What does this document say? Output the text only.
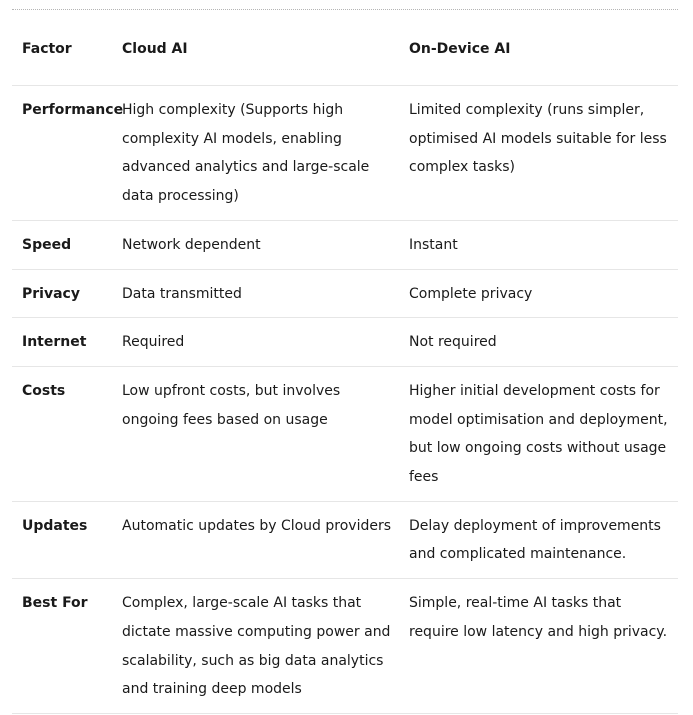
Factor	Cloud AI	On-Device AI
Performance	High complexity (Supports high complexity AI models, enabling advanced analytics and large-scale data processing)	Limited complexity (runs simpler, optimised AI models suitable for less complex tasks)
Speed	Network dependent	Instant
Privacy	Data transmitted	Complete privacy
Internet	Required	Not required
Costs	Low upfront costs, but involves ongoing fees based on usage	Higher initial development costs for model optimisation and deployment, but low ongoing costs without usage fees
Updates	Automatic updates by Cloud providers	Delay deployment of improvements and complicated maintenance.
Best For	Complex, large-scale AI tasks that dictate massive computing power and scalability, such as big data analytics and training deep models	Simple, real-time AI tasks that require low latency and high privacy.
